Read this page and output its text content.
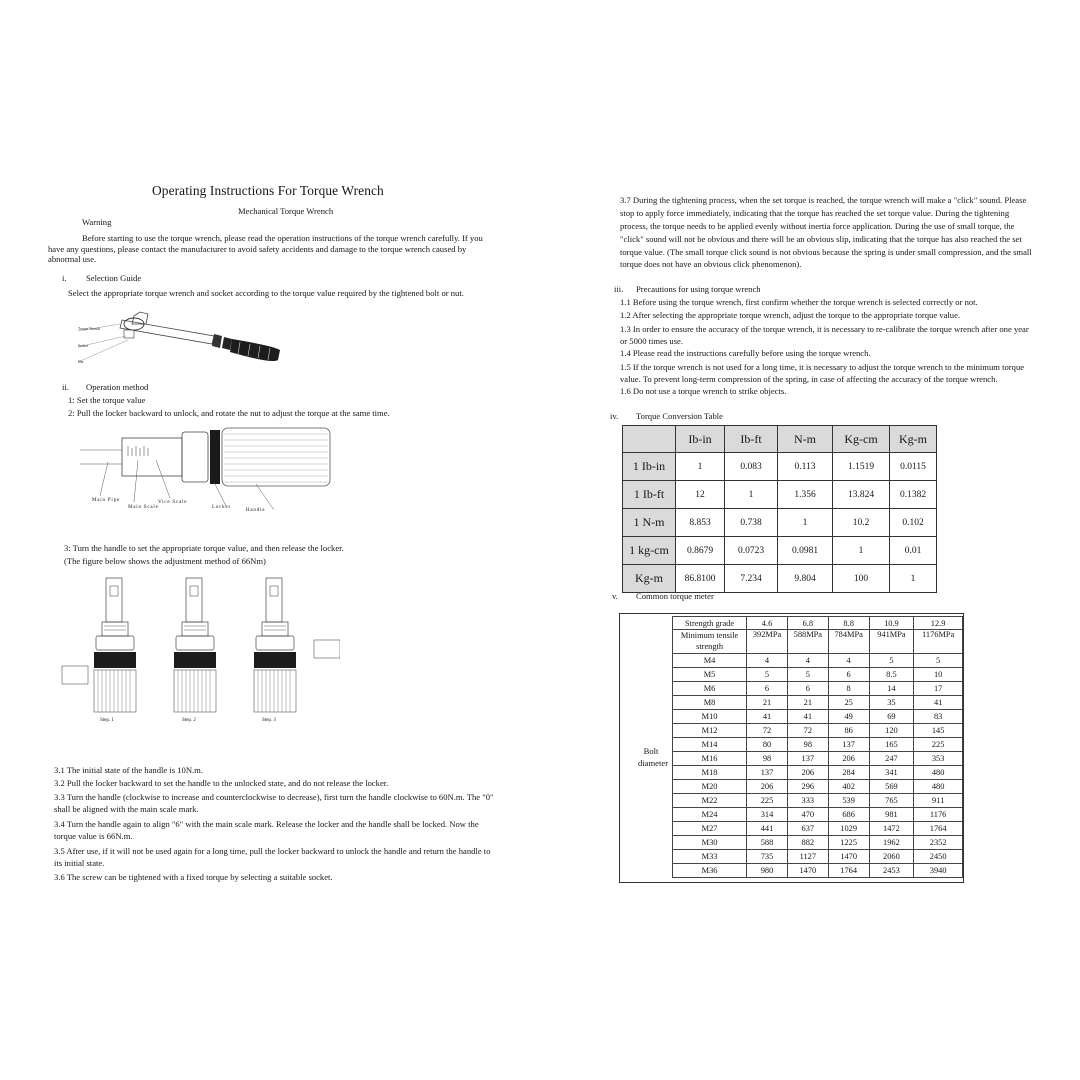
Operating Instructions For Torque Wrench
Mechanical Torque Wrench
Warning
Before starting to use the torque wrench, please read the operation instructions of the torque wrench carefully. If you have any questions, please contact the manufacturer to avoid safety accidents and damage to the torque wrench caused by abnormal use.
i. Selection Guide
Select the appropriate torque wrench and socket according to the torque value required by the tightened bolt or nut.
Torque Wrench
Socket
Nut
ii. Operation method
1: Set the torque value
2: Pull the locker backward to unlock, and rotate the nut to adjust the torque at the same time.
Main Pipe	Vice Scale
Main Scale	Locker
Handle
3: Turn the handle to set the appropriate torque value, and then release the locker.
(The figure below shows the adjustment method of 66Nm)
Step. 1	Step. 2	Step. 3
3.1 The initial state of the handle is 10N.m.
3.2 Pull the locker backward to set the handle to the unlocked state, and do not release the locker.
3.3 Turn the handle (clockwise to increase and counterclockwise to decrease), first turn the handle clockwise to 60N.m. The "0" shall be aligned with the main scale mark.
3.4 Turn the handle again to align "6" with the main scale mark. Release the locker and the handle shall be locked. Now the torque value is 66N.m.
3.5 After use, if it will not be used again for a long time, pull the locker backward to unlock the handle and return the handle to its initial state.
3.6 The screw can be tightened with a fixed torque by selecting a suitable socket.
3.7 During the tightening process, when the set torque is reached, the torque wrench will make a "click" sound. Please stop to apply force immediately, indicating that the torque has reached the set torque value. During the tightening process, the torque needs to be applied evenly without inertia force application. During the use of small torque, the "click" sound will not be obvious and there will be an obvious slip, indicating that the torque has also reached the set torque value. (The small torque click sound is not obvious because the spring is under small compression, and the small torque does not have an obvious click phenomenon).
iii. Precautions for using torque wrench
1.1 Before using the torque wrench, first confirm whether the torque wrench is selected correctly or not.
1.2 After selecting the appropriate torque wrench, adjust the torque to the appropriate torque value.
1.3 In order to ensure the accuracy of the torque wrench, it is necessary to re-calibrate the torque wrench after one year or 5000 times use.
1.4 Please read the instructions carefully before using the torque wrench.
1.5 If the torque wrench is not used for a long time, it is necessary to adjust the torque wrench to the minimum torque value. To prevent long-term compression of the spring, in case of affecting the accuracy of the torque wrench.
1.6 Do not use a torque wrench to strike objects.
iv. Torque Conversion Table
	Ib-in	Ib-ft	N-m	Kg-cm	Kg-m
1 Ib-in	1	0.083	0.113	1.1519	0.0115
1 Ib-ft	12	1	1.356	13.824	0.1382
1 N-m	8.853	0.738	1	10.2	0.102
1 kg-cm	0.8679	0.0723	0.0981	1	0.01
Kg-m	86.8100	7.234	9.804	100	1
v. Common torque meter
Bolt diameter
Strength grade	4.6	6.8	8.8	10.9	12.9
Minimum tensile strength	392MPa	588MPa	784MPa	941MPa	1176MPa
M4	4	4	4	5	5
M5	5	5	6	8.5	10
M6	6	6	8	14	17
M8	21	21	25	35	41
M10	41	41	49	69	83
M12	72	72	86	120	145
M14	80	98	137	165	225
M16	98	137	206	247	353
M18	137	206	284	341	480
M20	206	296	402	569	480
M22	225	333	539	765	911
M24	314	470	686	981	1176
M27	441	637	1029	1472	1764
M30	588	882	1225	1962	2352
M33	735	1127	1470	2060	2450
M36	980	1470	1764	2453	3940
